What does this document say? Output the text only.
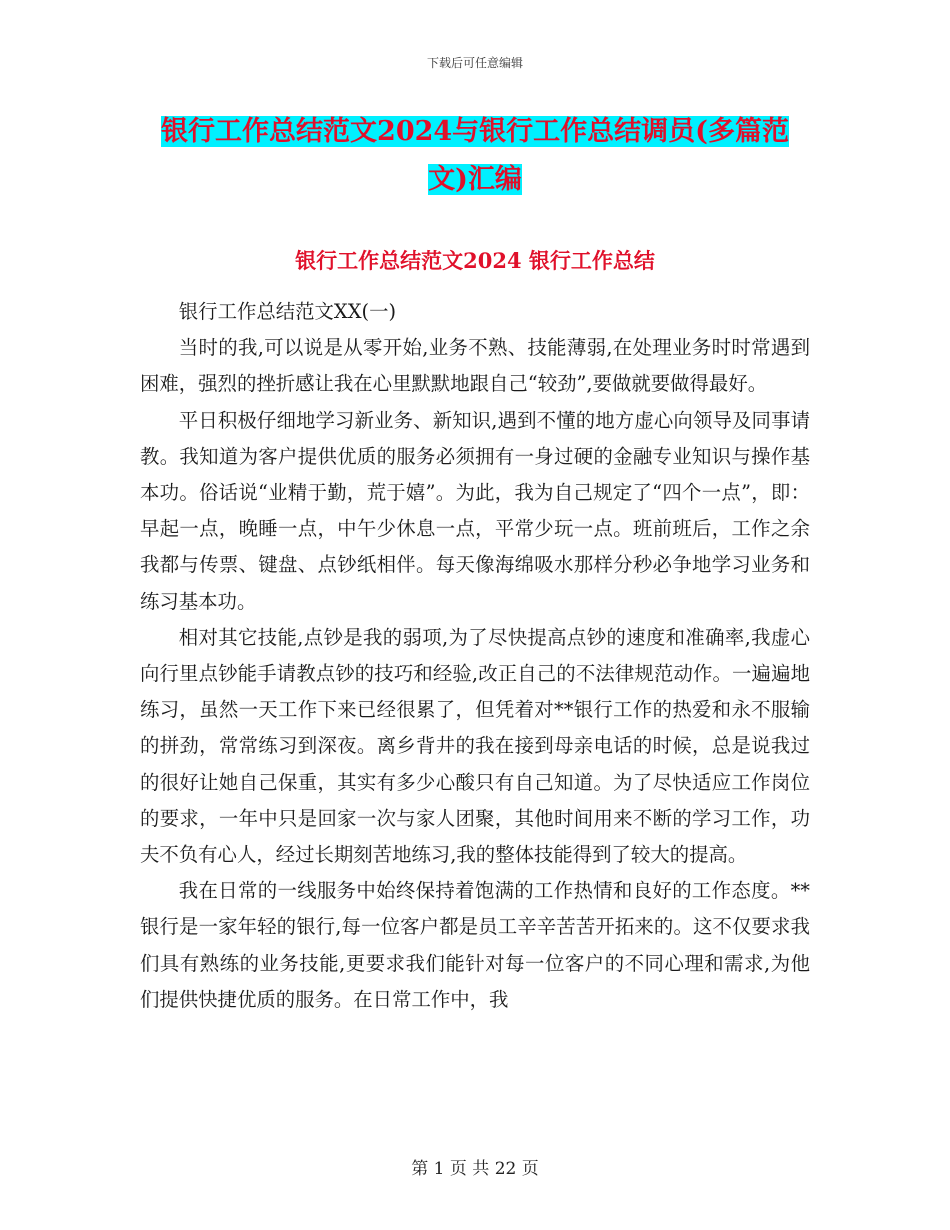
下载后可任意编辑
银行工作总结范文2024与银行工作总结调员(多篇范
文)汇编
银行工作总结范文2024 银行工作总结

银行工作总结范文XX(一)

当时的我,可以说是从零开始,业务不熟、技能薄弱,在处理业务时时常遇到困难，强烈的挫折感让我在心里默默地跟自己“较劲”,要做就要做得最好。

平日积极仔细地学习新业务、新知识,遇到不懂的地方虚心向领导及同事请教。我知道为客户提供优质的服务必须拥有一身过硬的金融专业知识与操作基本功。俗话说“业精于勤，荒于嬉”。为此，我为自己规定了“四个一点”，即：早起一点，晚睡一点，中午少休息一点，平常少玩一点。班前班后，工作之余我都与传票、键盘、点钞纸相伴。每天像海绵吸水那样分秒必争地学习业务和练习基本功。

相对其它技能,点钞是我的弱项,为了尽快提高点钞的速度和准确率,我虚心向行里点钞能手请教点钞的技巧和经验,改正自己的不法律规范动作。一遍遍地练习，虽然一天工作下来已经很累了，但凭着对**银行工作的热爱和永不服输的拼劲，常常练习到深夜。离乡背井的我在接到母亲电话的时候，总是说我过的很好让她自己保重，其实有多少心酸只有自己知道。为了尽快适应工作岗位的要求，一年中只是回家一次与家人团聚，其他时间用来不断的学习工作，功夫不负有心人，经过长期刻苦地练习,我的整体技能得到了较大的提高。

我在日常的一线服务中始终保持着饱满的工作热情和良好的工作态度。**银行是一家年轻的银行,每一位客户都是员工辛辛苦苦开拓来的。这不仅要求我们具有熟练的业务技能,更要求我们能针对每一位客户的不同心理和需求,为他们提供快捷优质的服务。在日常工作中，我

第 1 页 共 22 页
